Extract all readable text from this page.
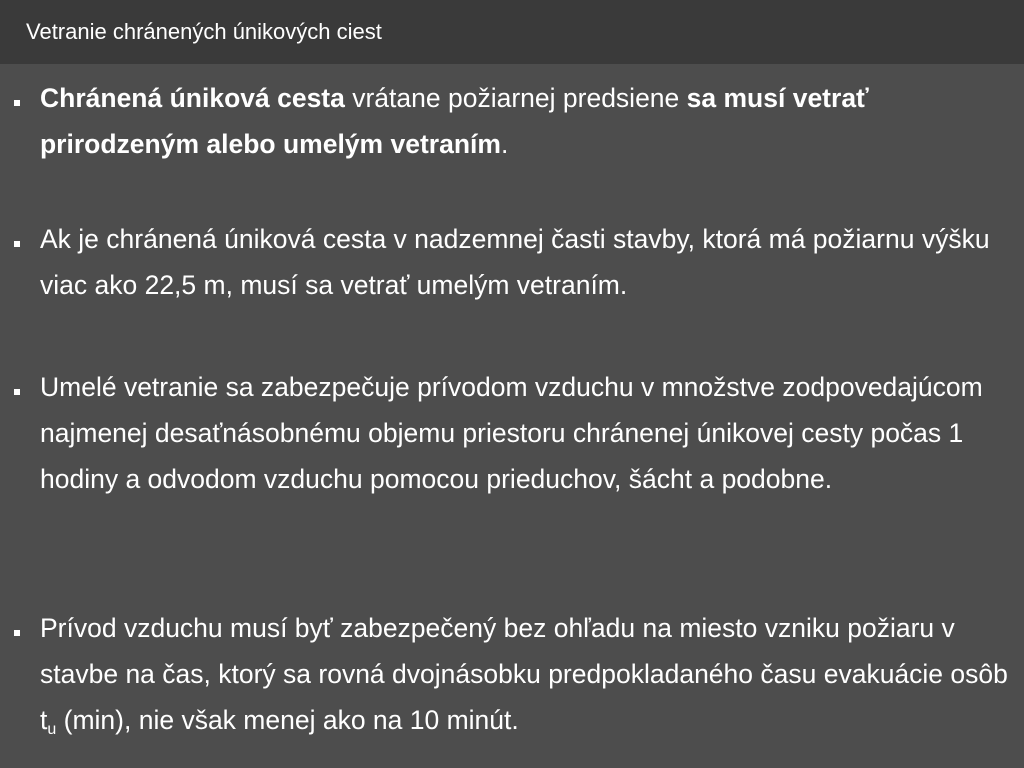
Vetranie chránených únikových ciest
Chránená úniková cesta vrátane požiarnej predsiene sa musí vetrať prirodzeným alebo umelým vetraním.
Ak je chránená úniková cesta v nadzemnej časti stavby, ktorá má požiarnu výšku viac ako 22,5 m, musí sa vetrať umelým vetraním.
Umelé vetranie sa zabezpečuje prívodom vzduchu v množstve zodpovedajúcom najmenej desaťnásobnému objemu priestoru chránenej únikovej cesty počas 1 hodiny a odvodom vzduchu pomocou prieduchov, šácht a podobne.
Prívod vzduchu musí byť zabezpečený bez ohľadu na miesto vzniku požiaru v stavbe na čas, ktorý sa rovná dvojnásobku predpokladaného času evakuácie osôb $t_u$ (min), nie však menej ako na 10 minút.
